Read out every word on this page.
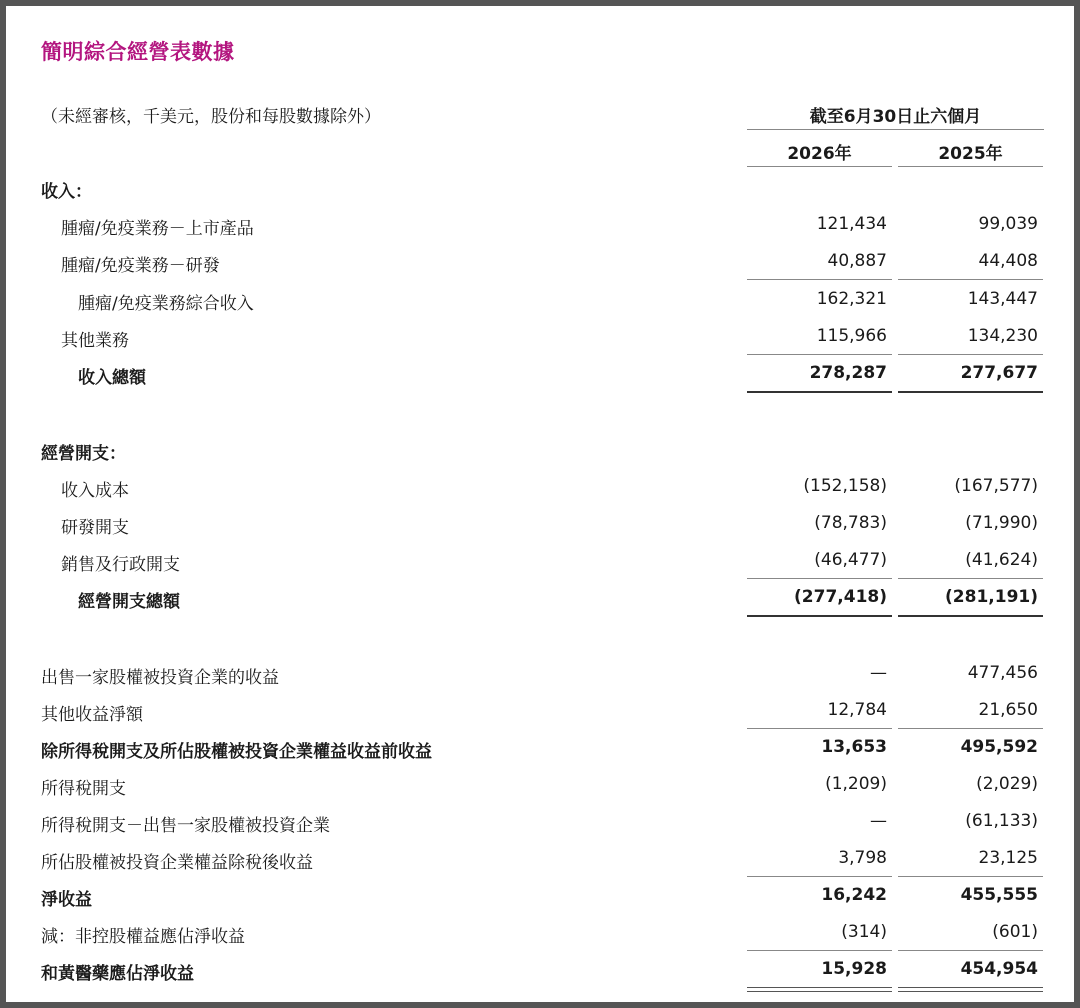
簡明綜合經營表數據
（未經審核，千美元，股份和每股數據除外）	截至6月30日止六個月
2026年	2025年
收入：
腫瘤/免疫業務－上市產品	121,434	99,039
腫瘤/免疫業務－研發	40,887	44,408
腫瘤/免疫業務綜合收入	162,321	143,447
其他業務	115,966	134,230
收入總額	278,287	277,677
經營開支：
收入成本	(152,158)	(167,577)
研發開支	(78,783)	(71,990)
銷售及行政開支	(46,477)	(41,624)
經營開支總額	(277,418)	(281,191)
出售一家股權被投資企業的收益	—	477,456
其他收益淨額	12,784	21,650
除所得稅開支及所佔股權被投資企業權益收益前收益	13,653	495,592
所得稅開支	(1,209)	(2,029)
所得稅開支－出售一家股權被投資企業	—	(61,133)
所佔股權被投資企業權益除稅後收益	3,798	23,125
淨收益	16,242	455,555
減：非控股權益應佔淨收益	(314)	(601)
和黃醫藥應佔淨收益	15,928	454,954
